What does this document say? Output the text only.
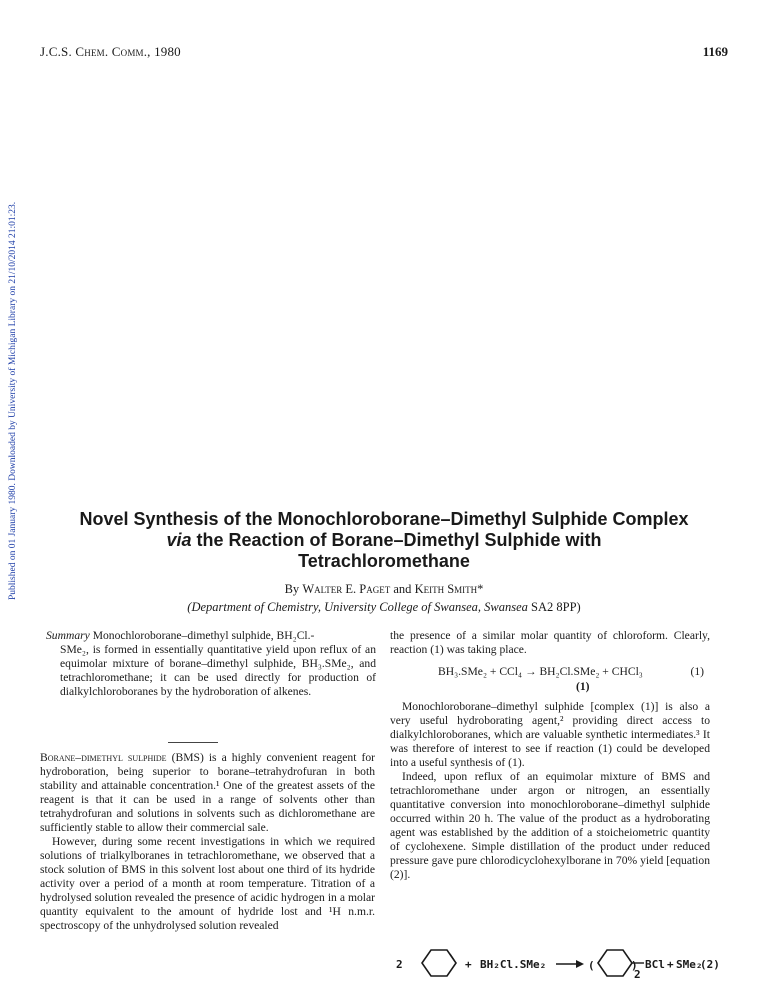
J.C.S. Chem. Comm., 1980	1169
Published on 01 January 1980. Downloaded by University of Michigan Library on 21/10/2014 21:01:23.	Novel Synthesis of the Monochloroborane–Dimethyl Sulphide Complex
via the Reaction of Borane–Dimethyl Sulphide with
Tetrachloromethane
By Walter E. Paget and Keith Smith*
(Department of Chemistry, University College of Swansea, Swansea SA2 8PP)
Summary Monochloroborane–dimethyl sulphide, BH₂Cl.-
SMe₂, is formed in essentially quantitative yield upon reflux of an equimolar mixture of borane–dimethyl sulphide, BH₃.SMe₂, and tetrachloromethane; it can be used directly for production of dialkylchloroboranes by the hydroboration of alkenes.

Borane–dimethyl sulphide (BMS) is a highly convenient reagent for hydroboration, being superior to borane–tetrahydrofuran in both stability and attainable concentration.¹ One of the greatest assets of the reagent is that it can be used in a range of solvents other than tetrahydrofuran and solutions in solvents such as dichloromethane are sufficiently stable to allow their commercial sale.

However, during some recent investigations in which we required solutions of trialkylboranes in tetrachloromethane, we observed that a stock solution of BMS in this solvent lost about one third of its hydride activity over a period of a month at room temperature. Titration of a hydrolysed solution revealed the presence of acidic hydrogen in a molar quantity equivalent to the amount of hydride lost and ¹H n.m.r. spectroscopy of the unhydrolysed solution revealed

the presence of a similar molar quantity of chloroform. Clearly, reaction (1) was taking place.
BH₃.SMe₂ + CCl₄ → BH₂Cl.SMe₂ + CHCl₃	(1)
(1)

Monochloroborane–dimethyl sulphide [complex (1)] is also a very useful hydroborating agent,² providing direct access to dialkylchloroboranes, which are valuable synthetic intermediates.³ It was therefore of interest to see if reaction (1) could be developed into a useful synthesis of (1).

Indeed, upon reflux of an equimolar mixture of BMS and tetrachloromethane under argon or nitrogen, an essentially quantitative conversion into monochloroborane–dimethyl sulphide occurred within 20 h. The value of the product as a hydroborating agent was established by the addition of a stoicheiometric quantity of cyclohexene. Simple distillation of the product under reduced pressure gave pure chlorodicyclohexylborane in 70% yield [equation (2)].

2	+ BH₂Cl.SMe₂	(	)
2
BCl + SMe₂
(2)
